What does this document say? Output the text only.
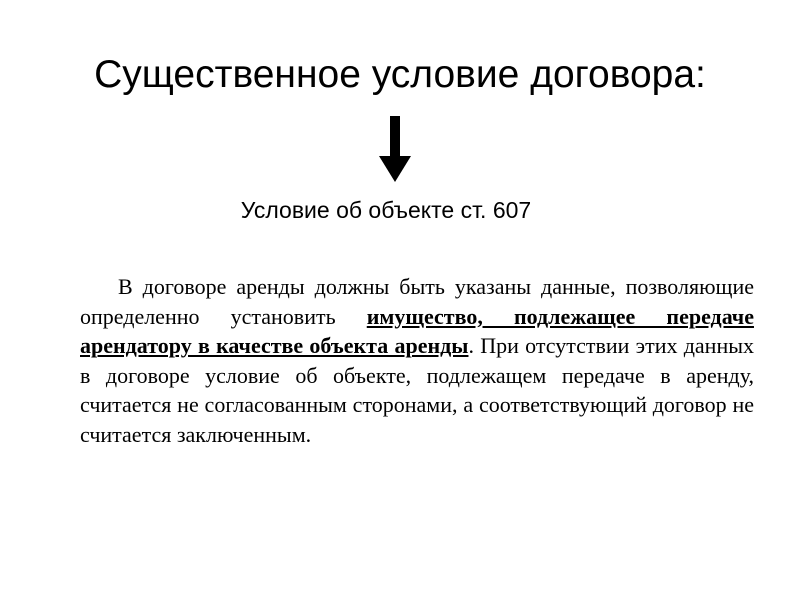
Существенное условие договора:
Условие об объекте ст. 607

В договоре аренды должны быть указаны данные, позволяющие определенно установить имущество, подлежащее передаче арендатору в качестве объекта аренды. При отсутствии этих данных в договоре условие об объекте, подлежащем передаче в аренду, считается не согласованным сторонами, а соответствующий договор не считается заключенным.
